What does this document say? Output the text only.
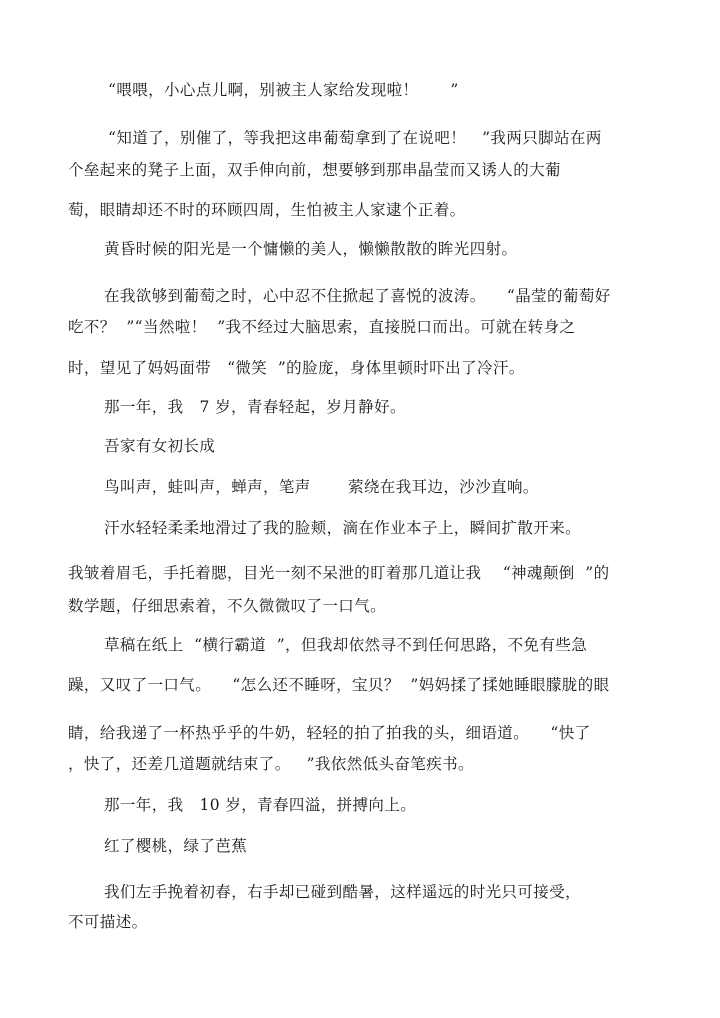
“喂喂，小心点儿啊，别被主人家给发现啦！      ”
“知道了，别催了，等我把这串葡萄拿到了在说吧！   ”我两只脚站在两
个垒起来的凳子上面，双手伸向前，想要够到那串晶莹而又诱人的大葡
萄，眼睛却还不时的环顾四周，生怕被主人家逮个正着。
黄昏时候的阳光是一个慵懒的美人，懒懒散散的眸光四射。
在我欲够到葡萄之时，心中忍不住掀起了喜悦的波涛。    “晶莹的葡萄好
吃不？  ”“当然啦！  ”我不经过大脑思索，直接脱口而出。可就在转身之
时，望见了妈妈面带   “微笑  ”的脸庞，身体里顿时吓出了冷汗。
那一年，我   7 岁，青春轻起，岁月静好。
吾家有女初长成
鸟叫声，蛙叫声，蝉声，笔声       萦绕在我耳边，沙沙直响。
汗水轻轻柔柔地滑过了我的脸颊，滴在作业本子上，瞬间扩散开来。
我皱着眉毛，手托着腮，目光一刻不呆泄的盯着那几道让我    “神魂颠倒  ”的
数学题，仔细思索着，不久微微叹了一口气。
草稿在纸上  “横行霸道  ”，但我却依然寻不到任何思路，不免有些急
躁，又叹了一口气。    “怎么还不睡呀，宝贝？  ”妈妈揉了揉她睡眼朦胧的眼
睛，给我递了一杯热乎乎的牛奶，轻轻的拍了拍我的头，细语道。    “快了
，快了，还差几道题就结束了。   ”我依然低头奋笔疾书。
那一年，我   10 岁，青春四溢，拼搏向上。
红了樱桃，绿了芭蕉
我们左手挽着初春，右手却已碰到酷暑，这样遥远的时光只可接受，
不可描述。
